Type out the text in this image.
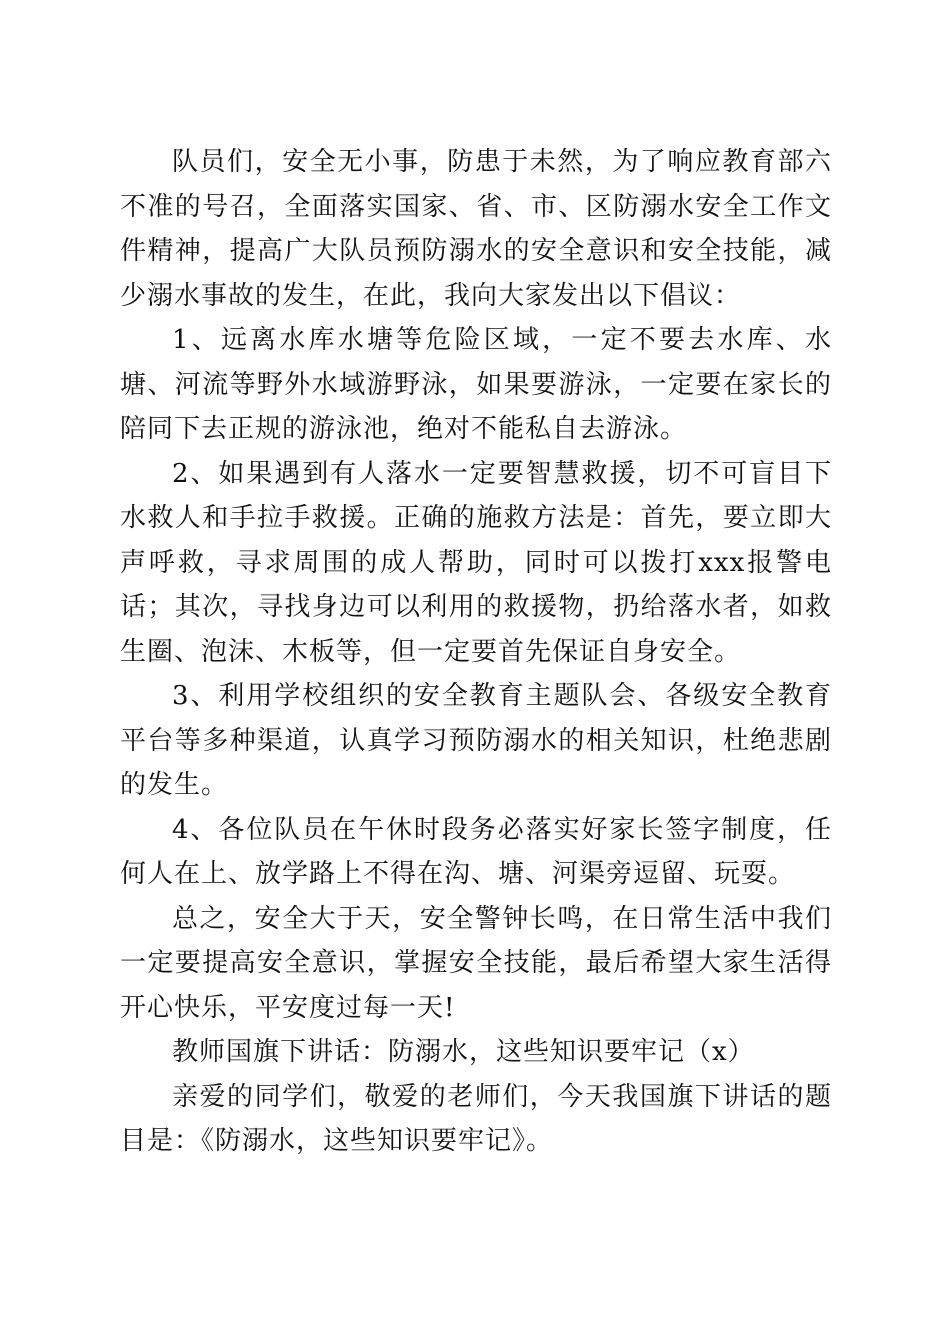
队员们，安全无小事，防患于未然，为了响应教育部六不准的号召，全面落实国家、省、市、区防溺水安全工作文件精神，提高广大队员预防溺水的安全意识和安全技能，减少溺水事故的发生，在此，我向大家发出以下倡议：

1、远离水库水塘等危险区域，一定不要去水库、水塘、河流等野外水域游野泳，如果要游泳，一定要在家长的陪同下去正规的游泳池，绝对不能私自去游泳。

2、如果遇到有人落水一定要智慧救援，切不可盲目下水救人和手拉手救援。正确的施救方法是：首先，要立即大声呼救，寻求周围的成人帮助，同时可以拨打xxx报警电话；其次，寻找身边可以利用的救援物，扔给落水者，如救生圈、泡沫、木板等，但一定要首先保证自身安全。

3、利用学校组织的安全教育主题队会、各级安全教育平台等多种渠道，认真学习预防溺水的相关知识，杜绝悲剧的发生。

4、各位队员在午休时段务必落实好家长签字制度，任何人在上、放学路上不得在沟、塘、河渠旁逗留、玩耍。

总之，安全大于天，安全警钟长鸣，在日常生活中我们一定要提高安全意识，掌握安全技能，最后希望大家生活得开心快乐，平安度过每一天!

教师国旗下讲话：防溺水，这些知识要牢记（x）

亲爱的同学们，敬爱的老师们，今天我国旗下讲话的题目是：《防溺水，这些知识要牢记》。
